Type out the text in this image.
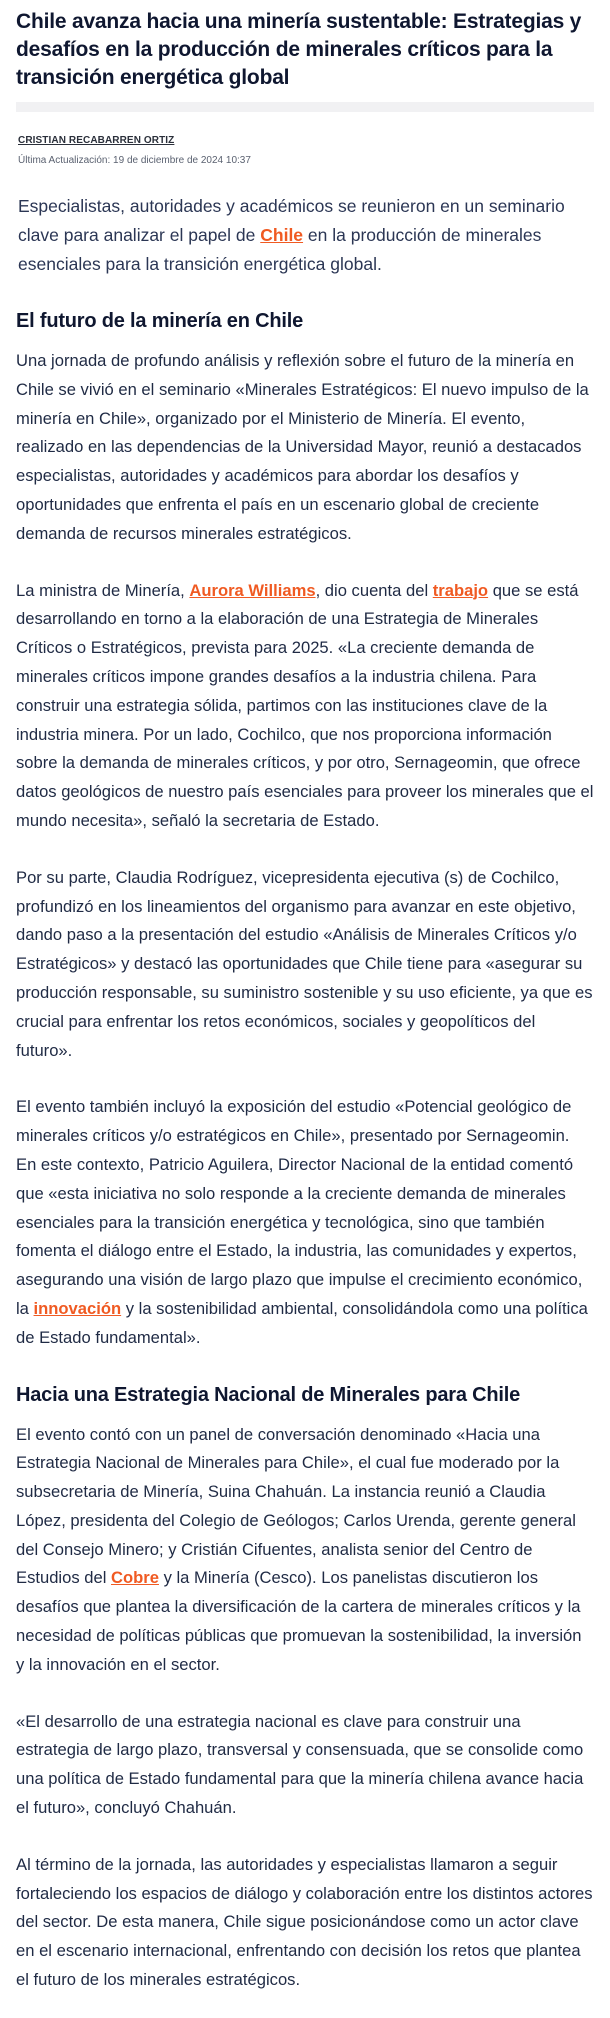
Chile avanza hacia una minería sustentable: Estrategias y desafíos en la producción de minerales críticos para la transición energética global
CRISTIAN RECABARREN ORTIZ
Última Actualización: 19 de diciembre de 2024 10:37

Especialistas, autoridades y académicos se reunieron en un seminario clave para analizar el papel de Chile en la producción de minerales esenciales para la transición energética global.

El futuro de la minería en Chile

Una jornada de profundo análisis y reflexión sobre el futuro de la minería en Chile se vivió en el seminario «Minerales Estratégicos: El nuevo impulso de la minería en Chile», organizado por el Ministerio de Minería. El evento, realizado en las dependencias de la Universidad Mayor, reunió a destacados especialistas, autoridades y académicos para abordar los desafíos y oportunidades que enfrenta el país en un escenario global de creciente demanda de recursos minerales estratégicos.

La ministra de Minería, Aurora Williams, dio cuenta del trabajo que se está desarrollando en torno a la elaboración de una Estrategia de Minerales Críticos o Estratégicos, prevista para 2025. «La creciente demanda de minerales críticos impone grandes desafíos a la industria chilena. Para construir una estrategia sólida, partimos con las instituciones clave de la industria minera. Por un lado, Cochilco, que nos proporciona información sobre la demanda de minerales críticos, y por otro, Sernageomin, que ofrece datos geológicos de nuestro país esenciales para proveer los minerales que el mundo necesita», señaló la secretaria de Estado.

Por su parte, Claudia Rodríguez, vicepresidenta ejecutiva (s) de Cochilco, profundizó en los lineamientos del organismo para avanzar en este objetivo, dando paso a la presentación del estudio «Análisis de Minerales Críticos y/o Estratégicos» y destacó las oportunidades que Chile tiene para «asegurar su producción responsable, su suministro sostenible y su uso eficiente, ya que es crucial para enfrentar los retos económicos, sociales y geopolíticos del futuro».

El evento también incluyó la exposición del estudio «Potencial geológico de minerales críticos y/o estratégicos en Chile», presentado por Sernageomin. En este contexto, Patricio Aguilera, Director Nacional de la entidad comentó que «esta iniciativa no solo responde a la creciente demanda de minerales esenciales para la transición energética y tecnológica, sino que también fomenta el diálogo entre el Estado, la industria, las comunidades y expertos, asegurando una visión de largo plazo que impulse el crecimiento económico, la innovación y la sostenibilidad ambiental, consolidándola como una política de Estado fundamental».

Hacia una Estrategia Nacional de Minerales para Chile

El evento contó con un panel de conversación denominado «Hacia una Estrategia Nacional de Minerales para Chile», el cual fue moderado por la subsecretaria de Minería, Suina Chahuán. La instancia reunió a Claudia López, presidenta del Colegio de Geólogos; Carlos Urenda, gerente general del Consejo Minero; y Cristián Cifuentes, analista senior del Centro de Estudios del Cobre y la Minería (Cesco). Los panelistas discutieron los desafíos que plantea la diversificación de la cartera de minerales críticos y la necesidad de políticas públicas que promuevan la sostenibilidad, la inversión y la innovación en el sector.

«El desarrollo de una estrategia nacional es clave para construir una estrategia de largo plazo, transversal y consensuada, que se consolide como una política de Estado fundamental para que la minería chilena avance hacia el futuro», concluyó Chahuán.

Al término de la jornada, las autoridades y especialistas llamaron a seguir fortaleciendo los espacios de diálogo y colaboración entre los distintos actores del sector. De esta manera, Chile sigue posicionándose como un actor clave en el escenario internacional, enfrentando con decisión los retos que plantea el futuro de los minerales estratégicos.
